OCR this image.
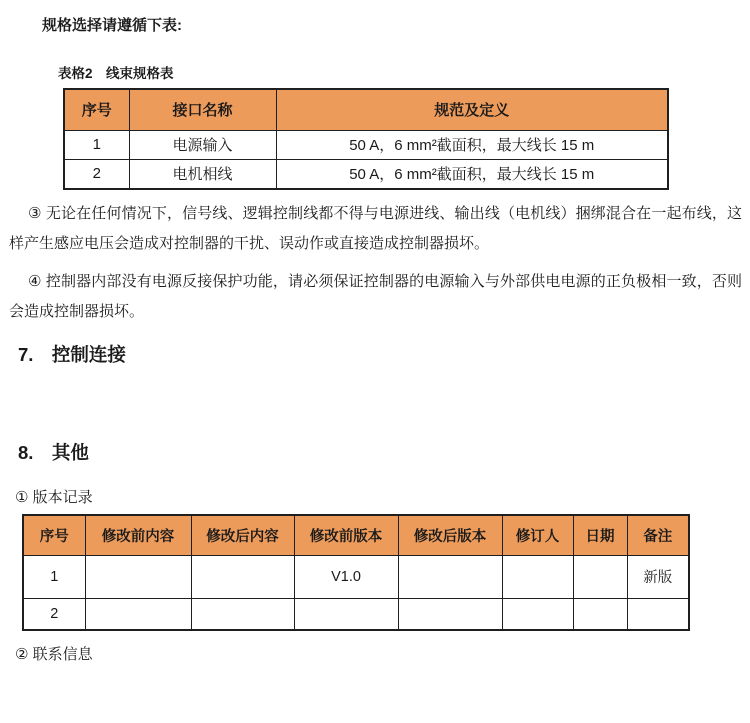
规格选择请遵循下表:

表格2　线束规格表

序号	接口名称	规范及定义
1	电源输入	50 A，6 mm²截面积，最大线长 15 m
2	电机相线	50 A，6 mm²截面积，最大线长 15 m

③ 无论在任何情况下，信号线、逻辑控制线都不得与电源进线、输出线（电机线）捆绑混合在一起布线，这样产生感应电压会造成对控制器的干扰、误动作或直接造成控制器损坏。

④ 控制器内部没有电源反接保护功能，请必须保证控制器的电源输入与外部供电电源的正负极相一致，否则会造成控制器损坏。

7.　控制连接
8.　其他

① 版本记录

序号	修改前内容	修改后内容	修改前版本	修改后版本	修订人	日期	备注
1			V1.0				新版
2							

② 联系信息
